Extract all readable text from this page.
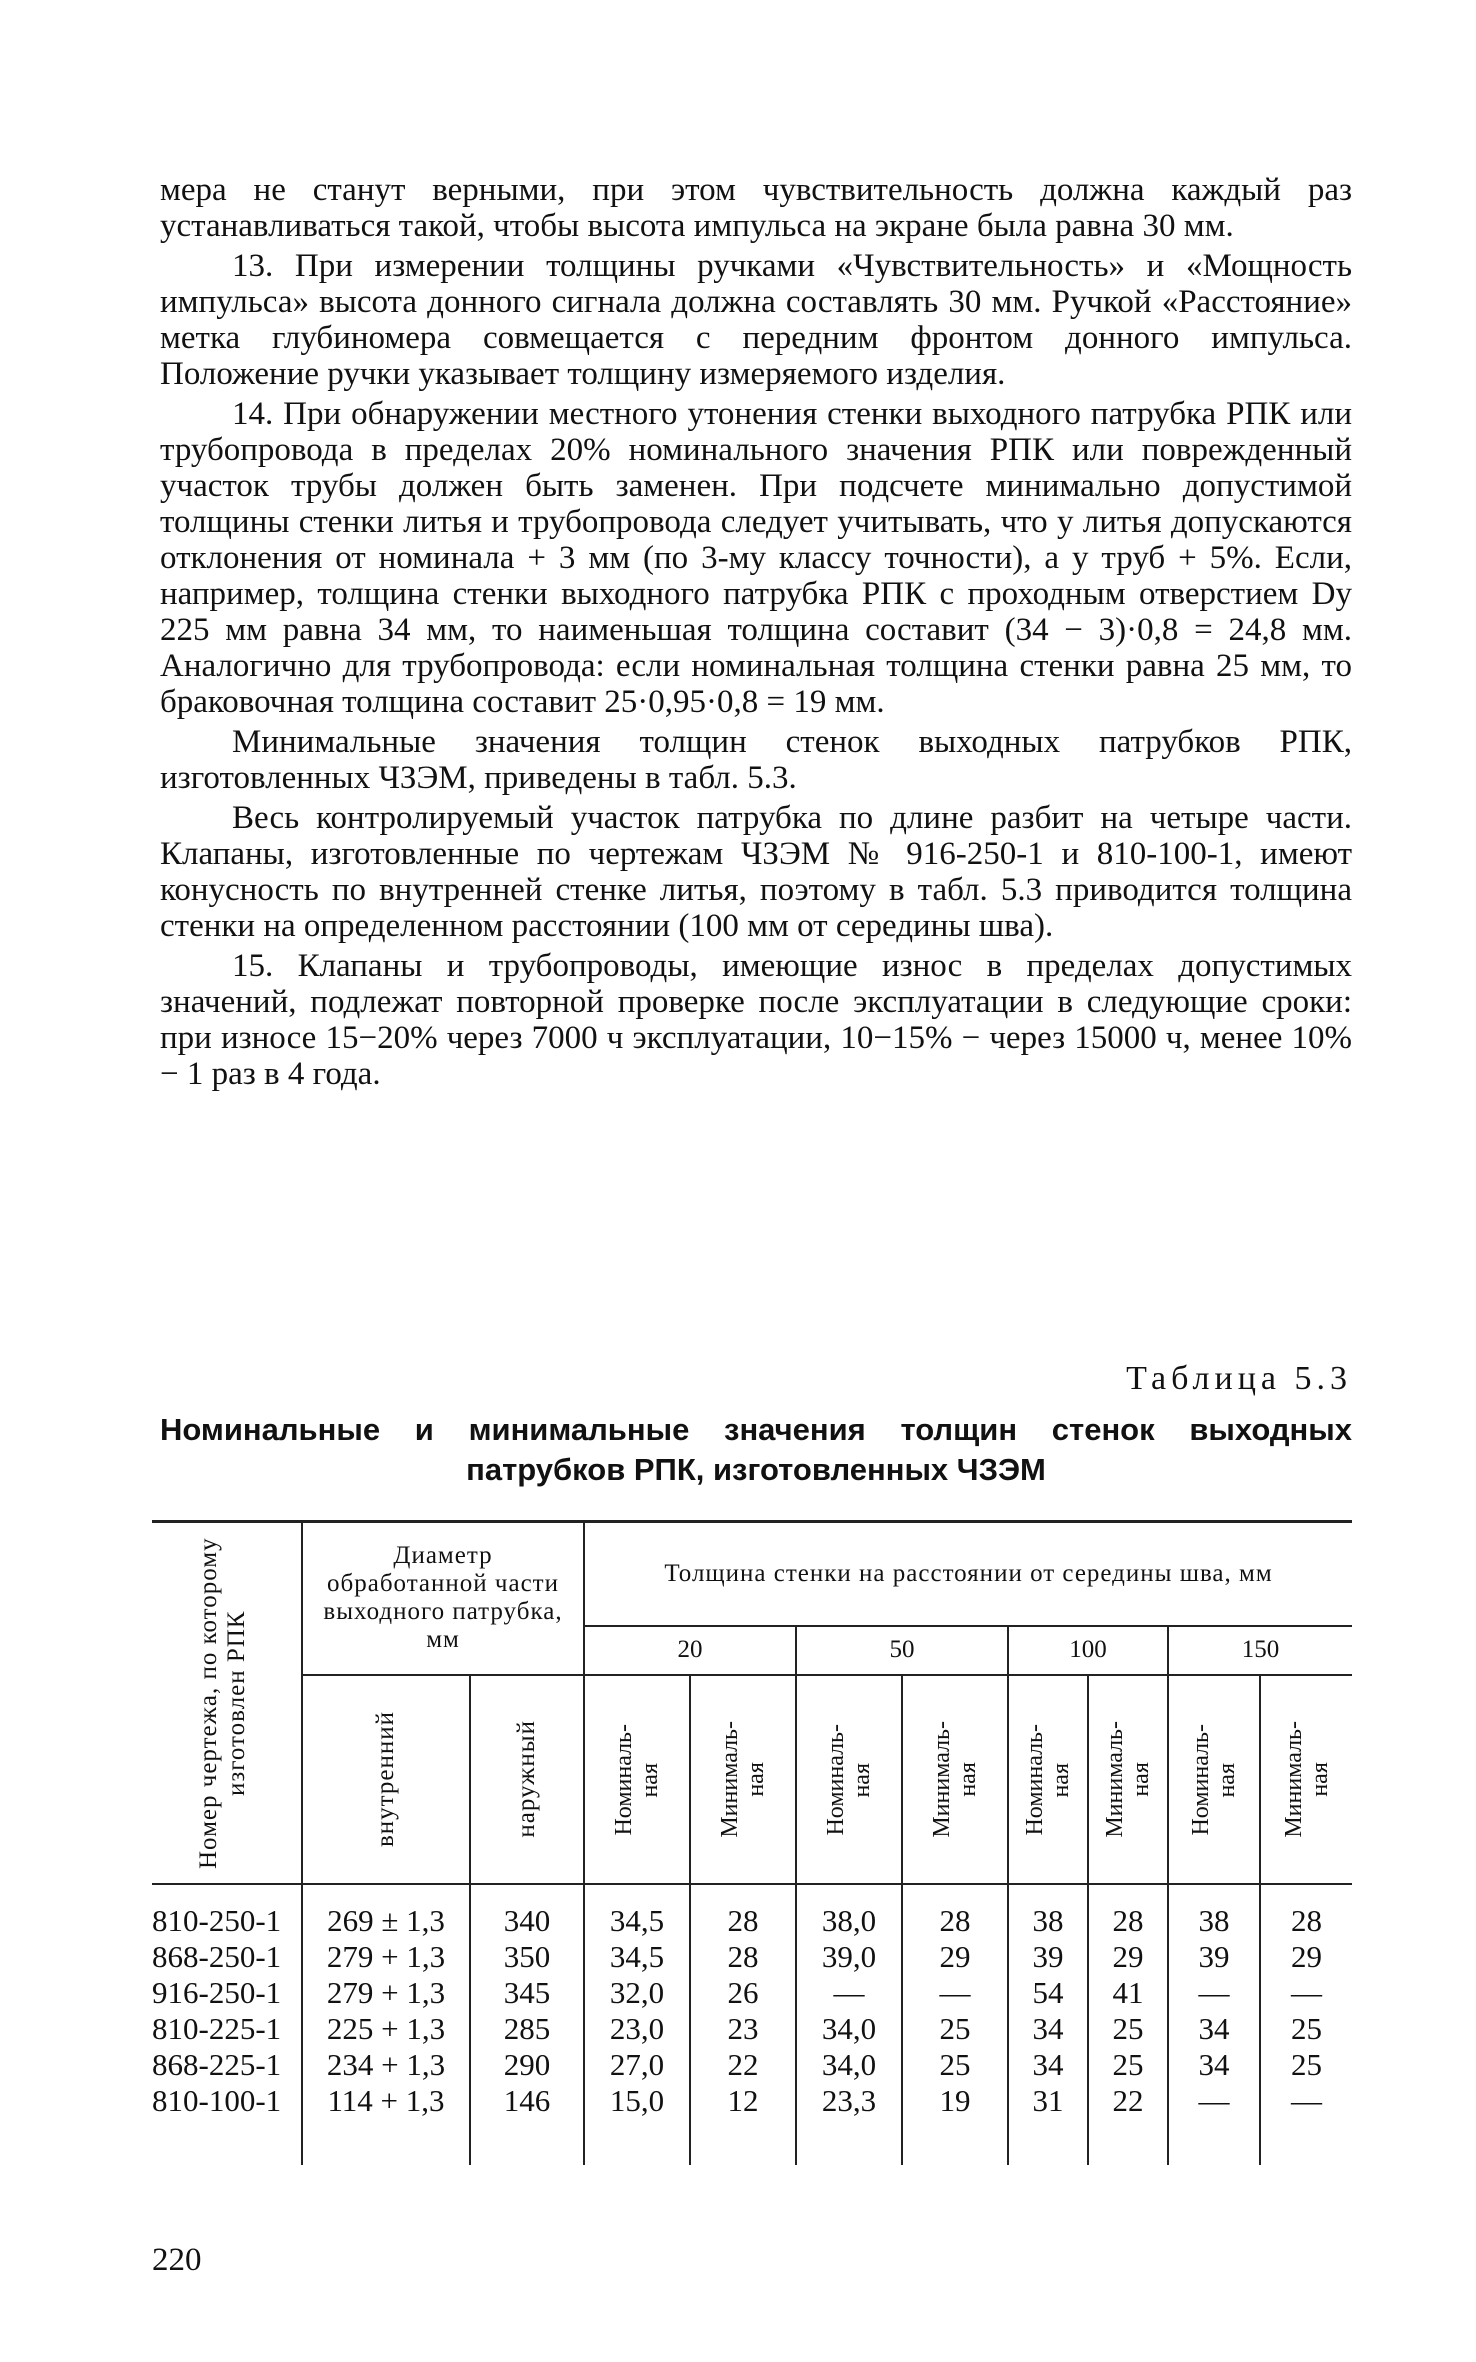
мера не станут верными, при этом чувствительность должна каждый раз устанавливаться такой, чтобы высота импульса на экране была равна 30 мм.

13. При измерении толщины ручками «Чувствительность» и «Мощность импульса» высота донного сигнала должна составлять 30 мм. Ручкой «Расстояние» метка глубиномера совмещается с передним фронтом донного импульса. Положение ручки указывает толщину измеряемого изделия.

14. При обнаружении местного утонения стенки выходного патрубка РПК или трубопровода в пределах 20% номинального значения РПК или поврежденный участок трубы должен быть заменен. При подсчете минимально допустимой толщины стенки литья и трубопровода следует учитывать, что у литья допускаются отклонения от номинала + 3 мм (по 3-му классу точности), а у труб + 5%. Если, например, толщина стенки выходного патрубка РПК с проходным отверстием Dу 225 мм равна 34 мм, то наименьшая толщина составит (34 − 3)·0,8 = 24,8 мм. Аналогично для трубопровода: если номинальная толщина стенки равна 25 мм, то браковочная толщина составит 25·0,95·0,8 = 19 мм.

Минимальные значения толщин стенок выходных патрубков РПК, изготовленных ЧЗЭМ, приведены в табл. 5.3.

Весь контролируемый участок патрубка по длине разбит на четыре части. Клапаны, изготовленные по чертежам ЧЗЭМ № 916-250-1 и 810-100-1, имеют конусность по внутренней стенке литья, поэтому в табл. 5.3 приводится толщина стенки на определенном расстоянии (100 мм от середины шва).

15. Клапаны и трубопроводы, имеющие износ в пределах допустимых значений, подлежат повторной проверке после эксплуатации в следующие сроки: при износе 15−20% через 7000 ч эксплуатации, 10−15% − через 15000 ч, менее 10% − 1 раз в 4 года.

Таблица 5.3
Номинальные и минимальные значения толщин стенок выходных патрубков РПК, изготовленных ЧЗЭМ
Номер чертежа, по которому изготовлен РПК	Диаметр обработанной части выходного патрубка, мм		Толщина стенки на расстоянии от середины шва, мм							
			20		50		100		150	

	внутренний	наружный	Номиналь-
ная	Минималь-
ная	Номиналь-
ная	Минималь-
ная	Номиналь-
ная	Минималь-
ная	Номиналь-
ная	Минималь-
ная

810-250-1	269 ± 1,3	340	34,5	28	38,0	28	38	28	38	28
868-250-1	279 + 1,3	350	34,5	28	39,0	29	39	29	39	29
916-250-1	279 + 1,3	345	32,0	26	—	—	54	41	—	—
810-225-1	225 + 1,3	285	23,0	23	34,0	25	34	25	34	25
868-225-1	234 + 1,3	290	27,0	22	34,0	25	34	25	34	25
810-100-1	114 + 1,3	146	15,0	12	23,3	19	31	22	—	—

220
